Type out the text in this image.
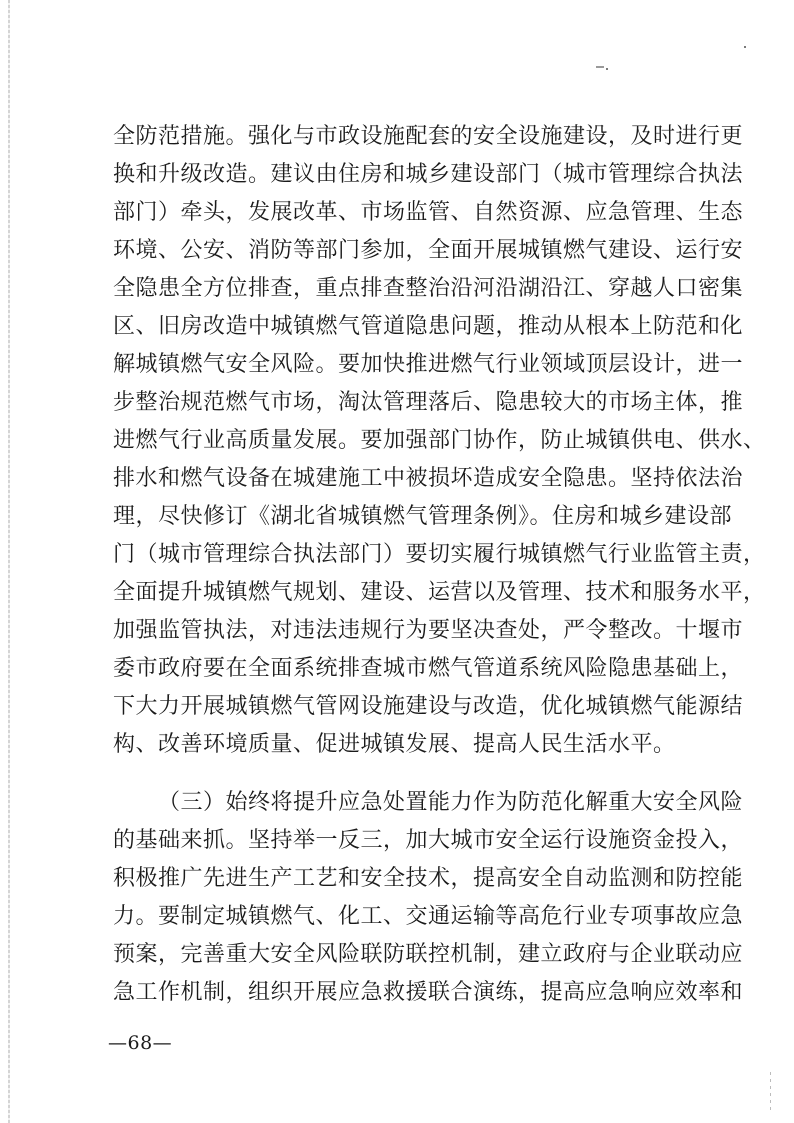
全防范措施。强化与市政设施配套的安全设施建设，及时进行更
换和升级改造。建议由住房和城乡建设部门（城市管理综合执法
部门）牵头，发展改革、市场监管、自然资源、应急管理、生态
环境、公安、消防等部门参加，全面开展城镇燃气建设、运行安
全隐患全方位排查，重点排查整治沿河沿湖沿江、穿越人口密集
区、旧房改造中城镇燃气管道隐患问题，推动从根本上防范和化
解城镇燃气安全风险。要加快推进燃气行业领域顶层设计，进一
步整治规范燃气市场，淘汰管理落后、隐患较大的市场主体，推
进燃气行业高质量发展。要加强部门协作，防止城镇供电、供水、
排水和燃气设备在城建施工中被损坏造成安全隐患。坚持依法治
理，尽快修订《湖北省城镇燃气管理条例》。住房和城乡建设部
门（城市管理综合执法部门）要切实履行城镇燃气行业监管主责，
全面提升城镇燃气规划、建设、运营以及管理、技术和服务水平，
加强监管执法，对违法违规行为要坚决查处，严令整改。十堰市
委市政府要在全面系统排查城市燃气管道系统风险隐患基础上，
下大力开展城镇燃气管网设施建设与改造，优化城镇燃气能源结
构、改善环境质量、促进城镇发展、提高人民生活水平。
（三）始终将提升应急处置能力作为防范化解重大安全风险
的基础来抓。坚持举一反三，加大城市安全运行设施资金投入，
积极推广先进生产工艺和安全技术，提高安全自动监测和防控能
力。要制定城镇燃气、化工、交通运输等高危行业专项事故应急
预案，完善重大安全风险联防联控机制，建立政府与企业联动应
急工作机制，组织开展应急救援联合演练，提高应急响应效率和
—68—
